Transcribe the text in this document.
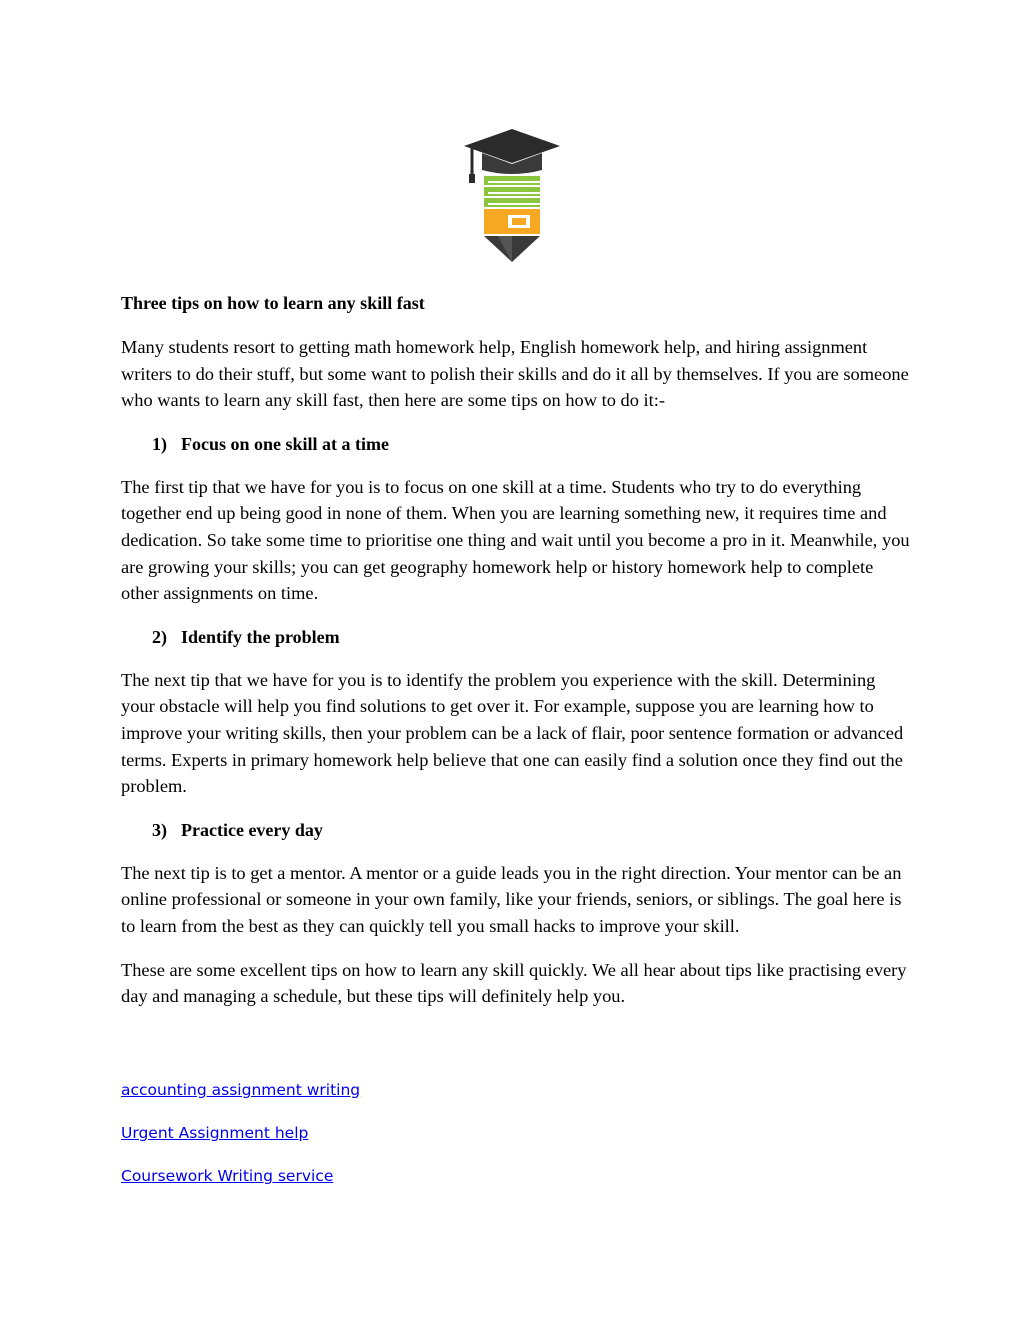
Three tips on how to learn any skill fast

Many students resort to getting math homework help, English homework help, and hiring assignment writers to do their stuff, but some want to polish their skills and do it all by themselves. If you are someone who wants to learn any skill fast, then here are some tips on how to do it:-

1) Focus on one skill at a time

The first tip that we have for you is to focus on one skill at a time. Students who try to do everything together end up being good in none of them. When you are learning something new, it requires time and dedication. So take some time to prioritise one thing and wait until you become a pro in it. Meanwhile, you are growing your skills; you can get geography homework help or history homework help to complete other assignments on time.

2) Identify the problem

The next tip that we have for you is to identify the problem you experience with the skill. Determining your obstacle will help you find solutions to get over it. For example, suppose you are learning how to improve your writing skills, then your problem can be a lack of flair, poor sentence formation or advanced terms. Experts in primary homework help believe that one can easily find a solution once they find out the problem.

3) Practice every day

The next tip is to get a mentor. A mentor or a guide leads you in the right direction. Your mentor can be an online professional or someone in your own family, like your friends, seniors, or siblings. The goal here is to learn from the best as they can quickly tell you small hacks to improve your skill.

These are some excellent tips on how to learn any skill quickly. We all hear about tips like practising every day and managing a schedule, but these tips will definitely help you.

accounting assignment writing
Urgent Assignment help
Coursework Writing service
